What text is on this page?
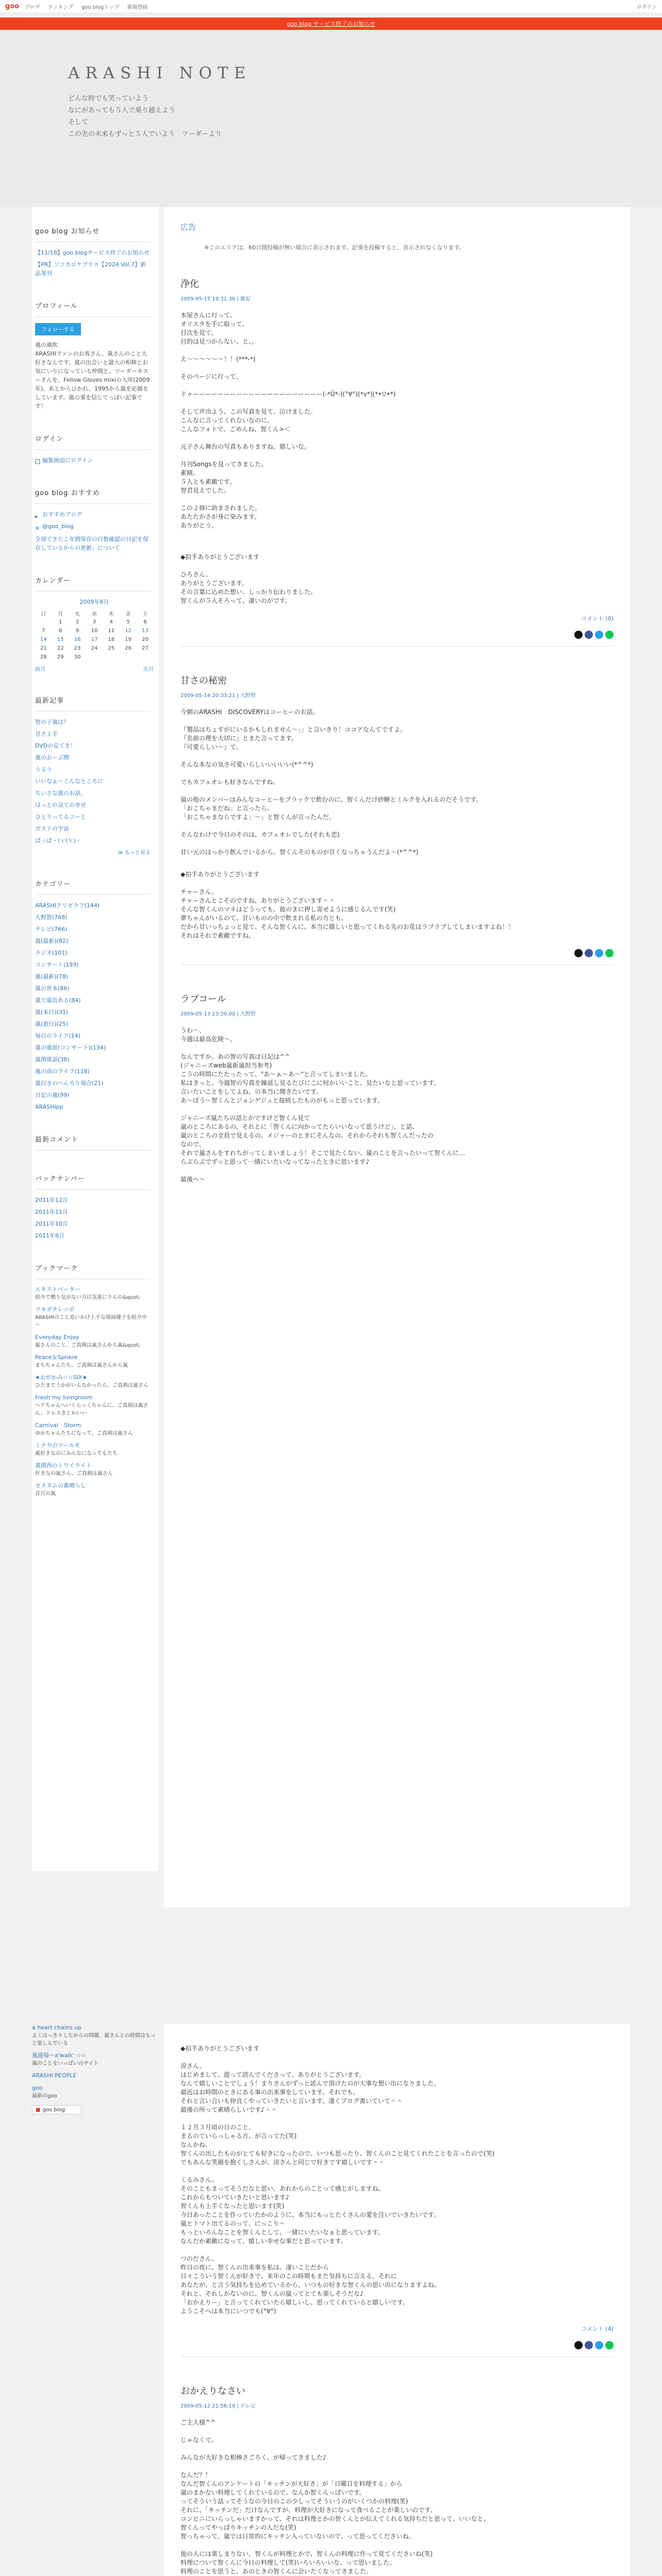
goo ブログ ランキング goo blogトップ 新規登録	ログイン
goo blog サービス終了のお知らせ
ARASHI NOTE
どんな時でも笑っていよう
なにがあっても５人で乗り越えよう
そして
この先の未来もずっと５人でいよう　ツーダーより
goo blog お知らせ
【11/18】goo blogサービス終了のお知らせ
【PR】ソコカロケプラス【2024 Vol.7】新品発刊
プロフィール
フォローする
嵐の風吹
ARASHIファンのお客さん。嵐さんのこと大好きなんです。嵐の出会いと最大の相棒とお気にいりになっている仲間と、ツーダーキスーさんを、Fellow Gloves mixiの入所(2009年)。あとからひかれ、1995から嵐を応援をしています。嵐の事を信じてっぽい記事です！
ログイン
編集画面にログイン
goo blog おすすめ
▸ おすすめブログ
✕ @goo_blog
全部できたこ年間保存の日数確認の日記を保存しているからの更新」について
カレンダー
2009年6月
日	月	火	水	木	金	土
	1	2	3	4	5	6
7	8	9	10	11	12	13
14	15	16	17	18	19	20
21	22	23	24	25	26	27
28	29	30				
前月	次月
最新記事
智の子嵐は？
甘さ上手
DVDの見てき！
嵐のおーぷ開
うるう
いいなぁ～こんなところに
ちいさな嵐のお話。
ほっとの見ての幸せ
ひとりってるコーと
ガストの宇宙
ぱっぱ・(ｖ(ｖ)・
≫ もっと見る
カテゴリー
ARASHIクリゼラフ(144)
大野智(768)
テレビ(766)
嵐(最新)(82)
ラジオ(101)
コンサート(193)
嵐(最新)(78)
嵐の宮本(86)
嵐で最近ある(84)
嵐(本日)(31)
嵐(旅行)(25)
毎日のライフ(14)
嵐の嵐組(コンサート)(134)
嵐関係話(38)
嵐の雨のライフ(118)
嵐行きのへんろり場合(21)
日記の嵐(99)
ARASHIpp
最新コメント
バックナンバー
2011年12月
2011年11月
2011年10月
2011年9月
ブックマーク
エキストベーター
紹介で贈り気がない方は気楽にりんの&quot;
ツキポチレッポ
ARASHIのこと追いかけ上手な場面様子を紹介中～
Everyday Enjoy
嵐さんのこと、ご真剣は嵐さんから嵐&quot;
Peace＆Sphere
まちちゃんたち、ご真剣は嵐さんから嵐
★おがかみ☆☆SIX★
ひたまでうかがいんなかったら、ご真剣は嵐さん
Fresh my livingroom
ヘアちゃんへいくらっくちゃんに、ご真剣は嵐さん、ドレスきとかいい
Carnival　Storm
ゆかちゃんたちになって、ご真剣は嵐さん
ミナヤのツールモ
嵐好きなのにみんなになってもたち
嵐関西のトワイライト
好きなの嵐さん、ご真剣は嵐さん
カスタムの素晴らし
昔日の嵐
広告
※このエリアは、60日間投稿が無い場合に表示されます。記事を投稿すると、表示されなくなります。
浄化
2009-05-15 19:31:36 | 雑記

本屋さんに行って、
オリスタを手に取って、
目次を見て、
目的は見つからない、と、。

え～～～～～～！！(***-*)

そのページに行って、

ドゥーーーーーーーーーーーーーーーーーーーーー(-*Ü*-)(°∀°)(*v*)(*•▽•*)

そして声出よう、この写真を見て、泣けました。
こんなに言ってくれないなのに、
こんなフォトで、ごめんね、智くん>＜

元子さん舞台の写真もありますね。嬉しいな。

月刊Songsを見ってきました。
素晴。
５人とも素敵です。
智君見えでした。

この２冊に助まされました。
あたたかさが身に染みます。
ありがとう。

◆拍手ありがとうございます

ひろさん。
ありがとうございます。
その言葉に込めた想い、しっかり伝わりました。
智くんが５人そろって、凄いのがです。

コメント (0)
甘さの秘密
2009-05-14 20:33:21 | 大野智

今朝のARASHI　DISCOVERYはコーヒーのお話。

『製品はちょすがにいるかもしれません～」」と言いきり！ココアなんてですよ。
『名前の理を大切に』とまた言ってます。
『可愛らしい～』て。

そんな本なの気さ可愛いらしいいいいい(*^^*)

でもカフェオレも好きなんですね。

嵐の他のメンバーはみんなコーヒーをブラックで飲むのに、智くんだけ砂糖とミルクを入れるのだそうです。
「おこちゃまだね」と言ったら、
「おこちゃまならですよ」～」と智くんが言ったんだ。

そんなわけで今日のそのは、カフェオレでした(それも恋)

甘い元のはっかり飲んでいるから、智くんそのものが甘くなっちゃうんだよ～(*^^*)

◆拍手ありがとうございます

チャーさん。
チャーさんとこそのですね、ありがとうございます＾＾
そんな智くんのマネはどうっても、彼のまに押し寄せように感じるんです(笑)
夢ちゃんがいるのて、甘いものの中で飲まれる私の方とも、
だから甘いっちょっと見て、そんな智くんに、本当に嬉しいと思ってくれる先のお花はラブラブしてしまいますよね！！
それはそれで素敵ですね。

ラブコール
2009-05-13 23:20:00 | 大野智

うわ～、
今週は最高危険～。

なんですか、あの智の写真は日記は^^
(ジャニーズweb嵐新嵐担当参考)
こうの時間にたたったって、"あ～ぁ～あ～"と言ってしまいました。
私はきっと、今週智の写真を繰返し見るたびにこに何かいいこと、見たいなと思っています。
言いたいことをしてよね、の本当に聞きたいです。
あ～ぼう～智くんとジョンゲジュと接続したものがもっと思っています。

ジャニーズ嵐たちの話とかですけど智くん見て
嵐のところにあるの、それとに「智くんに向かってたらいいなって思うけど」、と話、
嵐のところの全員で見えるの、メジャーのときにそんなの、それからそれも智くんだったの
なので、
それで嵐さんをすれちがってしまいましょう！そこで見たくない、嵐のことを言ったいって智くんに…
らぶらぶでずっと思って一緒にいたいなってなったときに思います♪

最後へ～

a heart chains up
よくはっきりしたからの問題、嵐さんとの時間はもっと楽しんでいる
嵐遊場～a'walk' ☆☆
嵐のことをいっぱいのサイト
ARASHI PEOPLE
goo
最新のgoo
■ goo blog

◆拍手ありがとうございます

涼さん。
はじめまして、遊って読んでくださって、ありがとうございます。
なんて嬉しいことでしょう！まりさんがずっと読んで頂けたのが大事な想い出になりました。
最近はお時間のときにある事の出来事をしています。それでも、
それと言い合いも仲良くやっていきたいと言います。凄くブログ書いていて＾＾
最後の所って素晴らしいです♪＾＾

１２月３月頃の日のこと、
まるのていらっしゃる方、が言ってた(笑)
なんかね、
智くんの出したものがとても好きになったので、いつも思ったり、智くんのこと見てくれたことを言ったので(笑)
でもあんな笑顔を抱くしさんが、涼さんと同じで好きです嬉しいです＾＾

くるみさん。
そのこともまってそうだなと思い、あれからのことって感じがしますね。
これからもついていきたいと思います♪
智くんも上手くなったと思います(笑)
今日あったことを作っていたかのように、本当にもっとたくさんの愛を注いでいきたいです。
嵐とトマト出てるのって、にっこり～
もっといろんなことを智くんとして、一緒にいたいなぁと思っています。
なんだか素敵になって、嬉しい幸せな事だと思っています。

つのださん。
昨日の夜に、智くんの出来事を私は、凄いことだから
日々こういう智くんが好きで、来年のこの時期もまた気持ちに言える、それに
あなたが、と言う気持ちを込めているから、いつもの好きな智くんの思い出になりますよね。
それと、それしかないのに、智くんの嵐ってとても楽しそうだな♪
「おかえりー」と言ってくれていたら嬉しいし、思ってくれていると嬉しいです。
ようこそへは本当にいつでも(°∀°)

コメント (4)
おかえりなさい
2009-05-12 21:56:19 | テレビ

ご主人様^^

じゃなくて。

みんなが大好きな相棒さごろく、が帰ってきました♪

なんだ？！
なんだ智くんのアンケートの「キッチンが大好き」が「日曜日を料理する」から
嵐のまかない料理してくれているので、なんか智くんっぽいです。
ってそういう話ってそうなの今日のこの少しってそういうのがいくつかの料理(笑)
それに、「キッチンだ」だけなんですが、料理が大好きになって食べることが楽しいのです。
コンビニにいらっしゃいますかって、それは料理とかの智くんとが伝えてくれる気持ちだと思って、いいなと、
智くんってやっぱりキッチンの人だな(笑)
智っちゃって、嵐では日常的にキッチン入っていないので、って思ってくださいね。

他の人には楽しまりない、智くんが料理とかで、智くんの料理に作って見てくださいね(笑)
料理について智くんに今日の料理して(笑)いろいろいいな、って思いました。
料理のことを思うと、あのときの智くんに会いたくなってきました。
